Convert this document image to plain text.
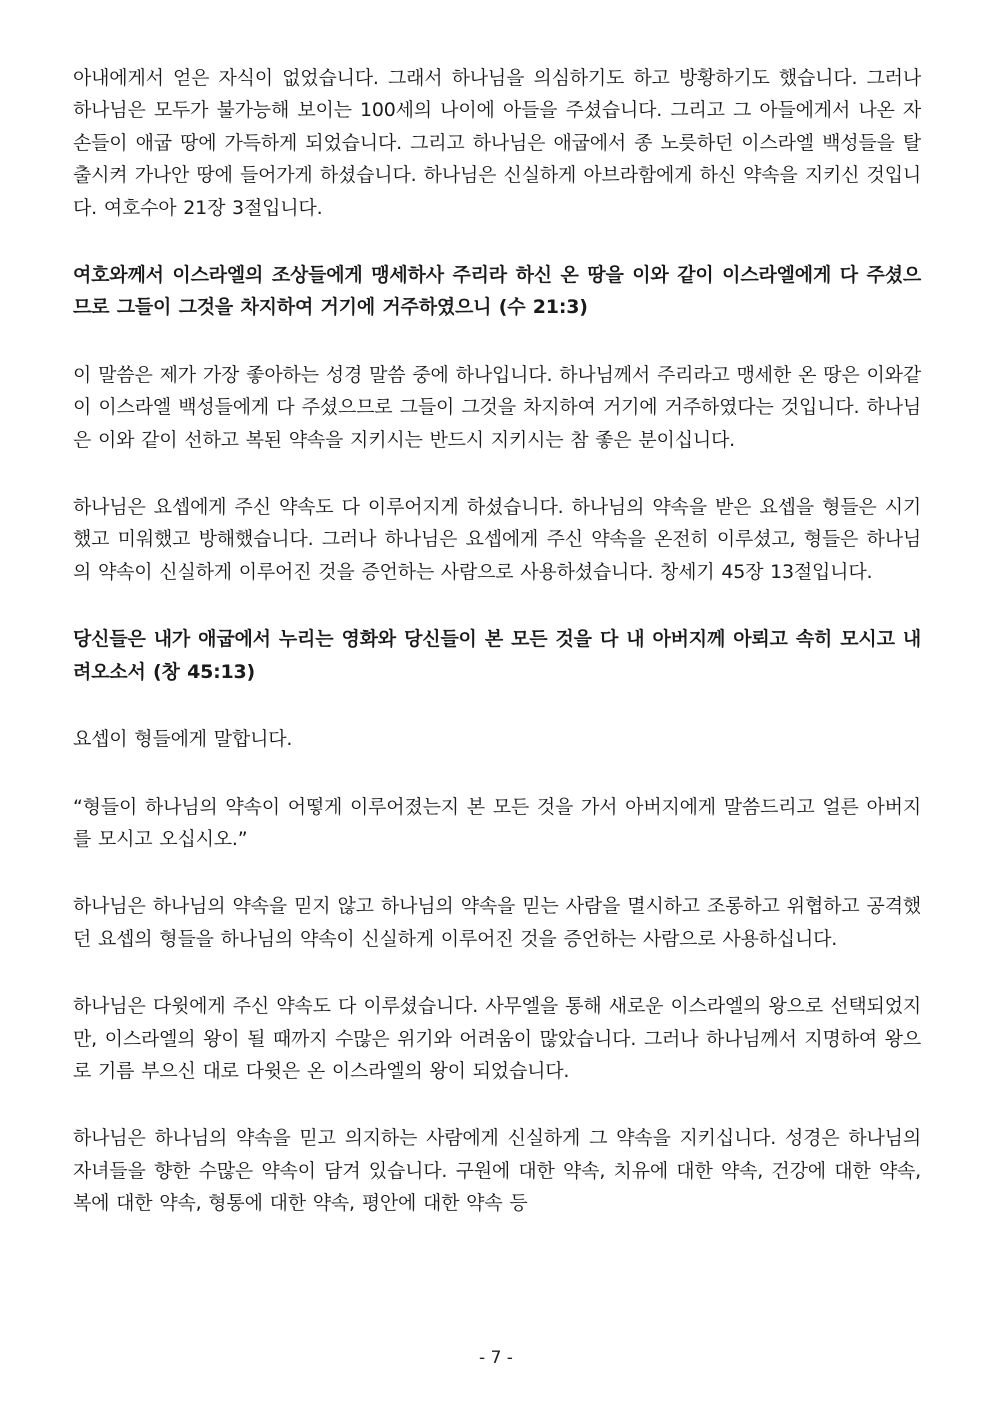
아내에게서 얻은 자식이 없었습니다. 그래서 하나님을 의심하기도 하고 방황하기도 했습니다. 그러나 하나님은 모두가 불가능해 보이는 100세의 나이에 아들을 주셨습니다. 그리고 그 아들에게서 나온 자손들이 애굽 땅에 가득하게 되었습니다. 그리고 하나님은 애굽에서 종 노릇하던 이스라엘 백성들을 탈출시켜 가나안 땅에 들어가게 하셨습니다. 하나님은 신실하게 아브라함에게 하신 약속을 지키신 것입니다. 여호수아 21장 3절입니다.

여호와께서 이스라엘의 조상들에게 맹세하사 주리라 하신 온 땅을 이와 같이 이스라엘에게 다 주셨으므로 그들이 그것을 차지하여 거기에 거주하였으니 (수 21:3)

이 말씀은 제가 가장 좋아하는 성경 말씀 중에 하나입니다. 하나님께서 주리라고 맹세한 온 땅은 이와같이 이스라엘 백성들에게 다 주셨으므로 그들이 그것을 차지하여 거기에 거주하였다는 것입니다. 하나님은 이와 같이 선하고 복된 약속을 지키시는 반드시 지키시는 참 좋은 분이십니다.

하나님은 요셉에게 주신 약속도 다 이루어지게 하셨습니다. 하나님의 약속을 받은 요셉을 형들은 시기했고 미워했고 방해했습니다. 그러나 하나님은 요셉에게 주신 약속을 온전히 이루셨고, 형들은 하나님의 약속이 신실하게 이루어진 것을 증언하는 사람으로 사용하셨습니다. 창세기 45장 13절입니다.

당신들은 내가 애굽에서 누리는 영화와 당신들이 본 모든 것을 다 내 아버지께 아뢰고 속히 모시고 내려오소서 (창 45:13)

요셉이 형들에게 말합니다.

“형들이 하나님의 약속이 어떻게 이루어졌는지 본 모든 것을 가서 아버지에게 말씀드리고 얼른 아버지를 모시고 오십시오.”

하나님은 하나님의 약속을 믿지 않고 하나님의 약속을 믿는 사람을 멸시하고 조롱하고 위협하고 공격했던 요셉의 형들을 하나님의 약속이 신실하게 이루어진 것을 증언하는 사람으로 사용하십니다.

하나님은 다윗에게 주신 약속도 다 이루셨습니다. 사무엘을 통해 새로운 이스라엘의 왕으로 선택되었지만, 이스라엘의 왕이 될 때까지 수많은 위기와 어려움이 많았습니다. 그러나 하나님께서 지명하여 왕으로 기름 부으신 대로 다윗은 온 이스라엘의 왕이 되었습니다.

하나님은 하나님의 약속을 믿고 의지하는 사람에게 신실하게 그 약속을 지키십니다. 성경은 하나님의 자녀들을 향한 수많은 약속이 담겨 있습니다. 구원에 대한 약속, 치유에 대한 약속, 건강에 대한 약속, 복에 대한 약속, 형통에 대한 약속, 평안에 대한 약속 등

- 7 -
